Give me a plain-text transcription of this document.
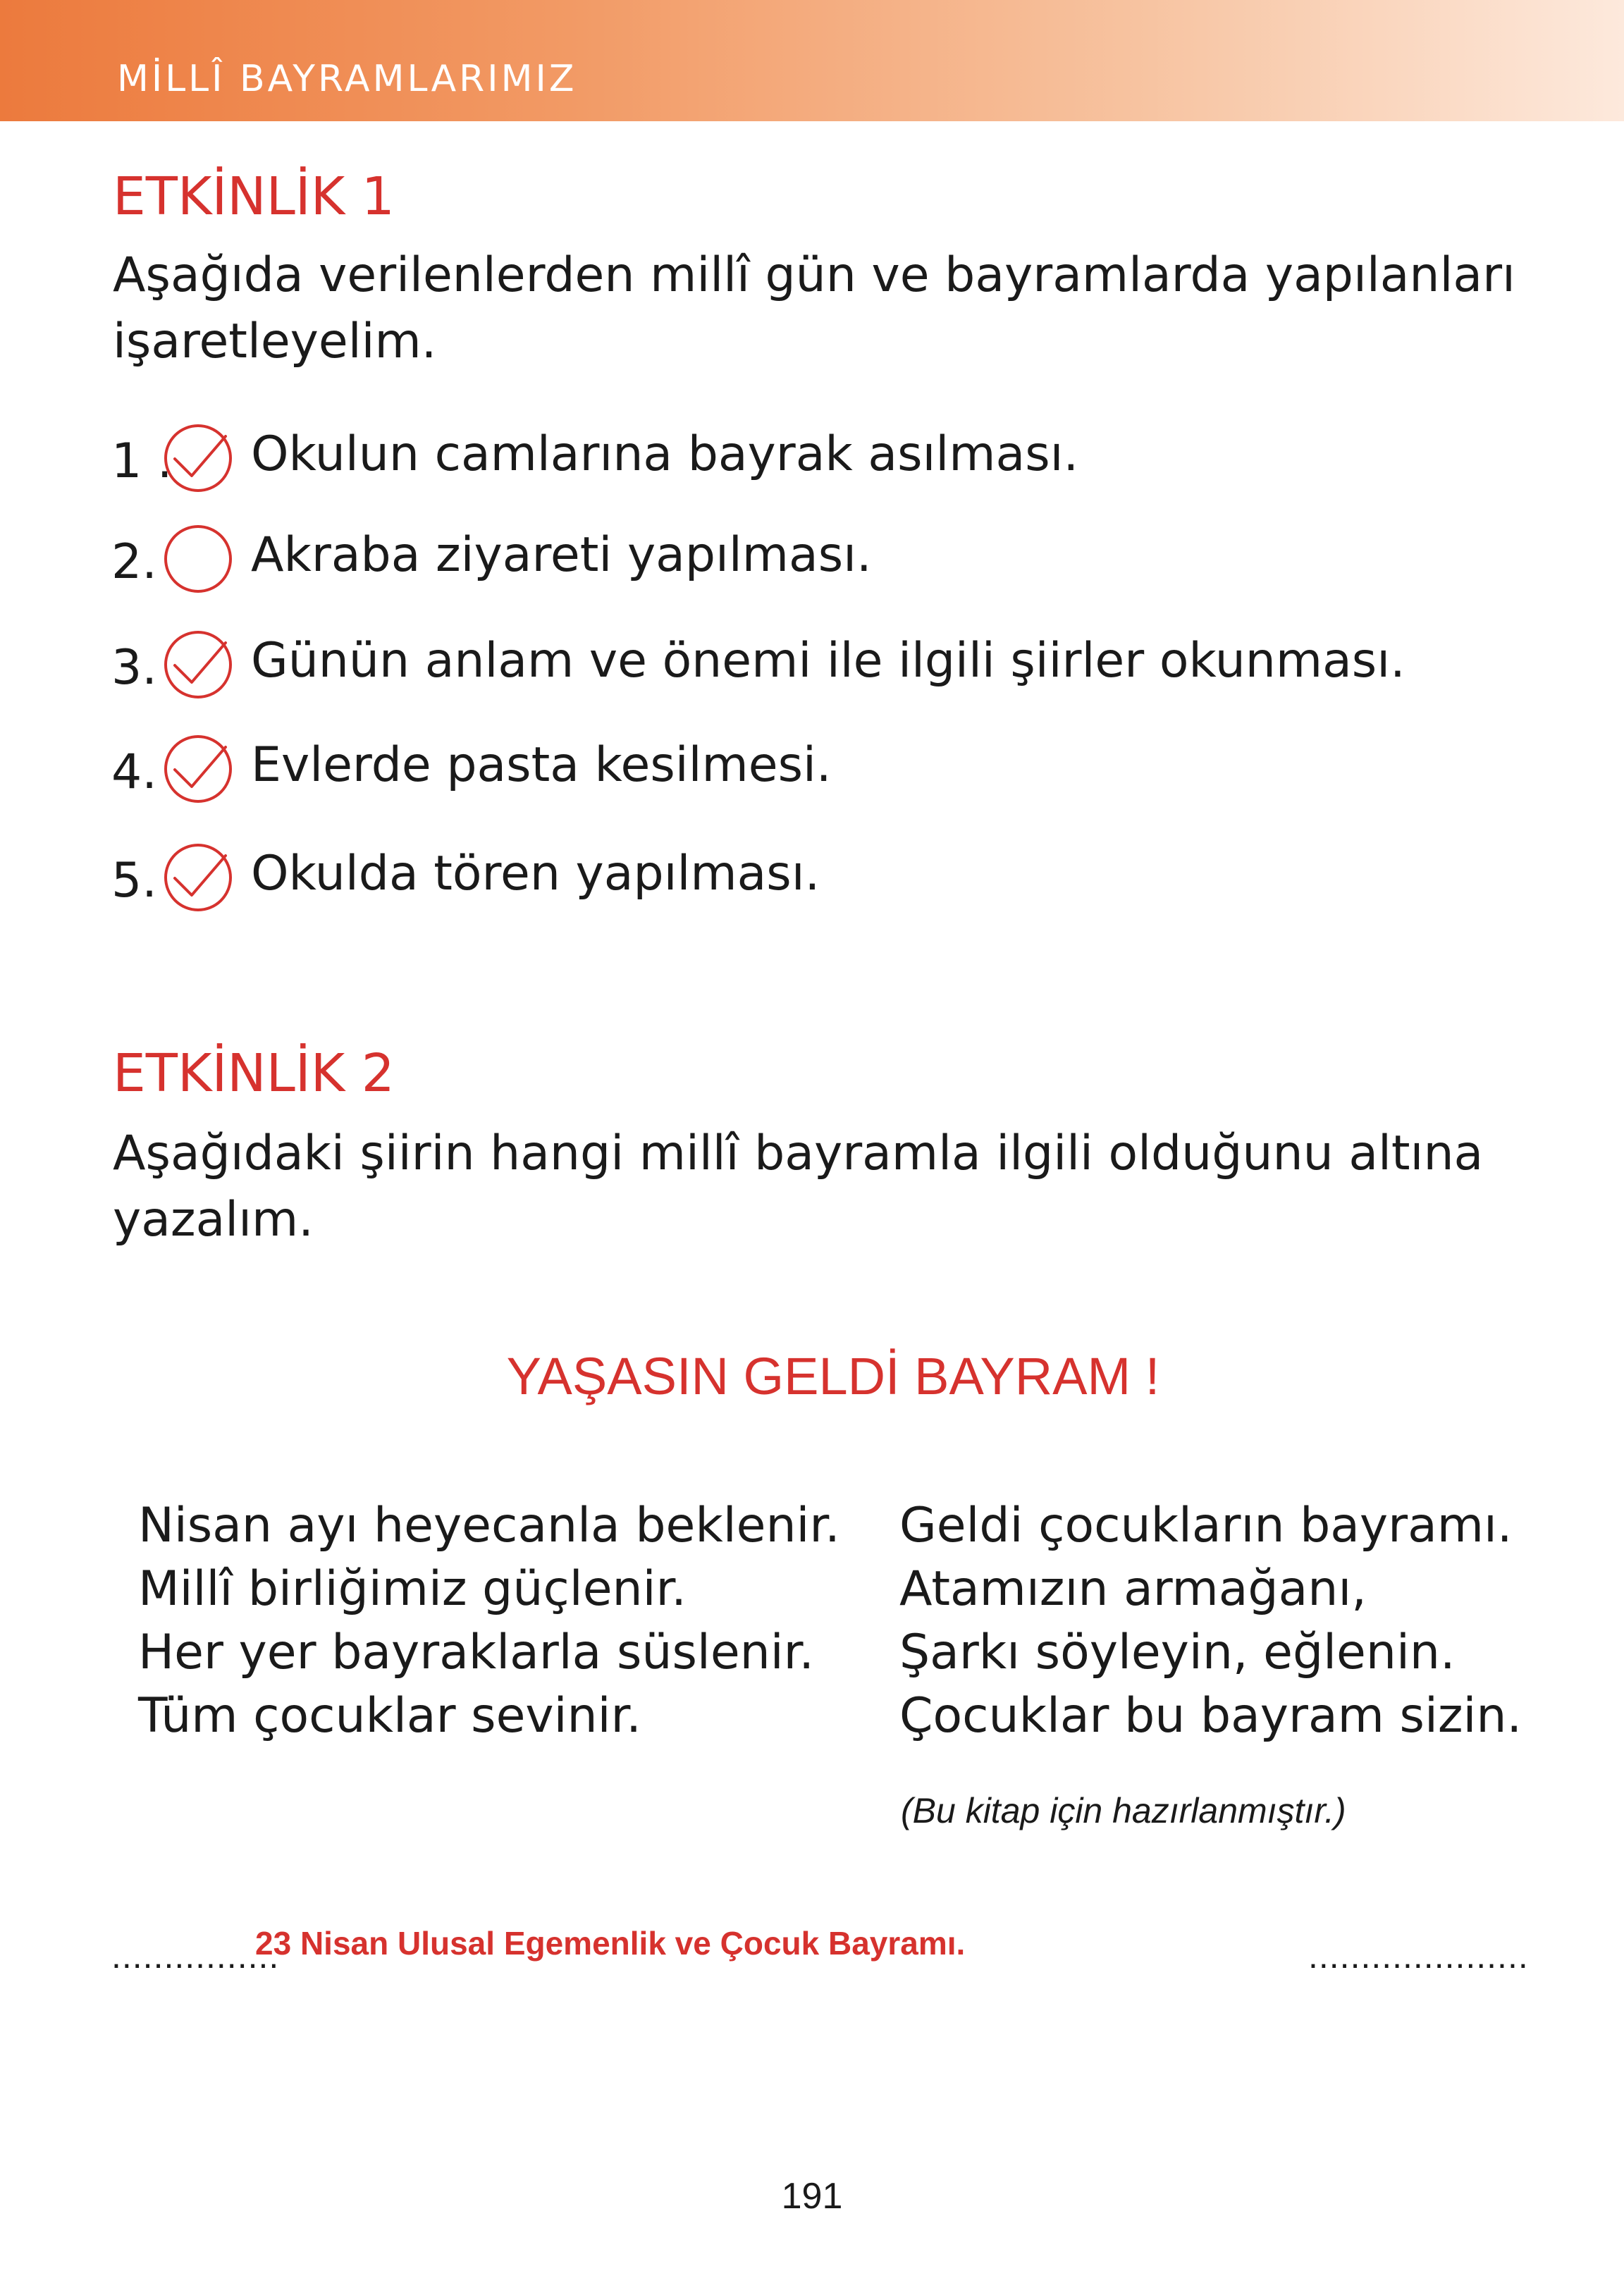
MİLLÎ BAYRAMLARIMIZ
ETKİNLİK 1
Aşağıda verilenlerden millî gün ve bayramlarda yapılanları
işaretleyelim.
1 . Okulun camlarına bayrak asılması.
2. Akraba ziyareti yapılması.
3. Günün anlam ve önemi ile ilgili şiirler okunması.
4. Evlerde pasta kesilmesi.
5. Okulda tören yapılması.
ETKİNLİK 2
Aşağıdaki şiirin hangi millî bayramla ilgili olduğunu altına
yazalım.
YAŞASIN GELDİ BAYRAM !
Nisan ayı heyecanla beklenir.
Millî birliğimiz güçlenir.
Her yer bayraklarla süslenir.
Tüm çocuklar sevinir.
Geldi çocukların bayramı.
Atamızın armağanı,
Şarkı söyleyin, eğlenin.
Çocuklar bu bayram sizin.
(Bu kitap için hazırlanmıştır.)
................
23 Nisan Ulusal Egemenlik ve Çocuk Bayramı.	.....................
191
